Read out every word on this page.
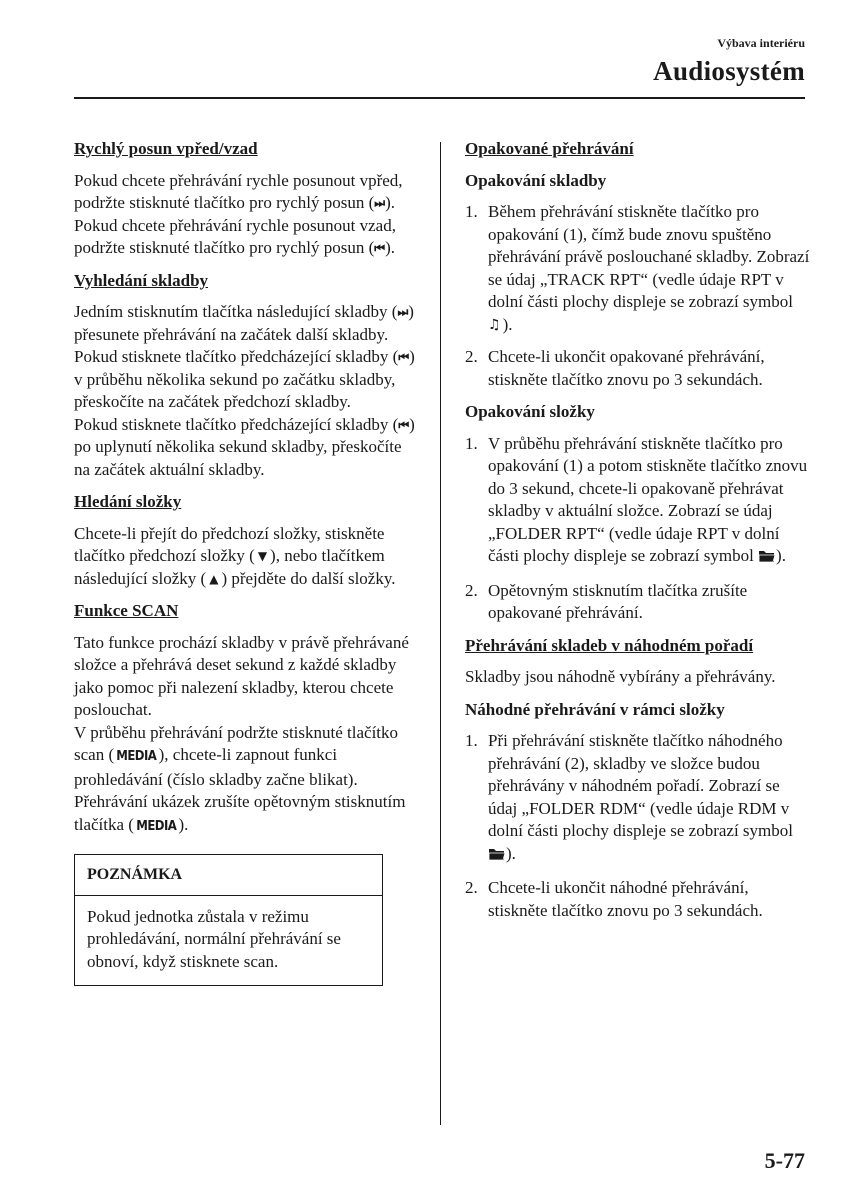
Výbava interiéru
Audiosystém
Rychlý posun vpřed/vzad
Pokud chcete přehrávání rychle posunout vpřed, podržte stisknuté tlačítko pro rychlý posun (⏭ ).
Pokud chcete přehrávání rychle posunout vzad, podržte stisknuté tlačítko pro rychlý posun (⏮ ).
Vyhledání skladby
Jedním stisknutím tlačítka následující skladby (⏭ ) přesunete přehrávání na začátek další skladby.
Pokud stisknete tlačítko předcházející skladby (⏮ ) v průběhu několika sekund po začátku skladby, přeskočíte na začátek předchozí skladby.
Pokud stisknete tlačítko předcházející skladby (⏮ ) po uplynutí několika sekund skladby, přeskočíte na začátek aktuální skladby.
Hledání složky
Chcete-li přejít do předchozí složky, stiskněte tlačítko předchozí složky ( ▼ ), nebo tlačítkem následující složky ( ▲ ) přejděte do další složky.
Funkce SCAN
Tato funkce prochází skladby v právě přehrávané složce a přehrává deset sekund z každé skladby jako pomoc při nalezení skladby, kterou chcete poslouchat.
V průběhu přehrávání podržte stisknuté tlačítko scan ( MEDIA ), chcete-li zapnout funkci prohledávání (číslo skladby začne blikat). Přehrávání ukázek zrušíte opětovným stisknutím tlačítka ( MEDIA ).
POZNÁMKA
Pokud jednotka zůstala v režimu prohledávání, normální přehrávání se obnoví, když stisknete scan.
Opakované přehrávání
Opakování skladby
1. Během přehrávání stiskněte tlačítko pro opakování (1), čímž bude znovu spuštěno přehrávání právě poslouchané skladby. Zobrazí se údaj „TRACK RPT“ (vedle údaje RPT v dolní části plochy displeje se zobrazí symbol ♫ ).
2. Chcete-li ukončit opakované přehrávání, stiskněte tlačítko znovu po 3 sekundách.
Opakování složky
1. V průběhu přehrávání stiskněte tlačítko pro opakování (1) a potom stiskněte tlačítko znovu do 3 sekund, chcete-li opakovaně přehrávat skladby v aktuální složce. Zobrazí se údaj „FOLDER RPT“ (vedle údaje RPT v dolní části plochy displeje se zobrazí symbol ).
2. Opětovným stisknutím tlačítka zrušíte opakované přehrávání.
Přehrávání skladeb v náhodném pořadí

Skladby jsou náhodně vybírány a přehrávány.

Náhodné přehrávání v rámci složky
1. Při přehrávání stiskněte tlačítko náhodného přehrávání (2), skladby ve složce budou přehrávány v náhodném pořadí. Zobrazí se údaj „FOLDER RDM“ (vedle údaje RDM v dolní části plochy displeje se zobrazí symbol ).
2. Chcete-li ukončit náhodné přehrávání, stiskněte tlačítko znovu po 3 sekundách.
5-77
